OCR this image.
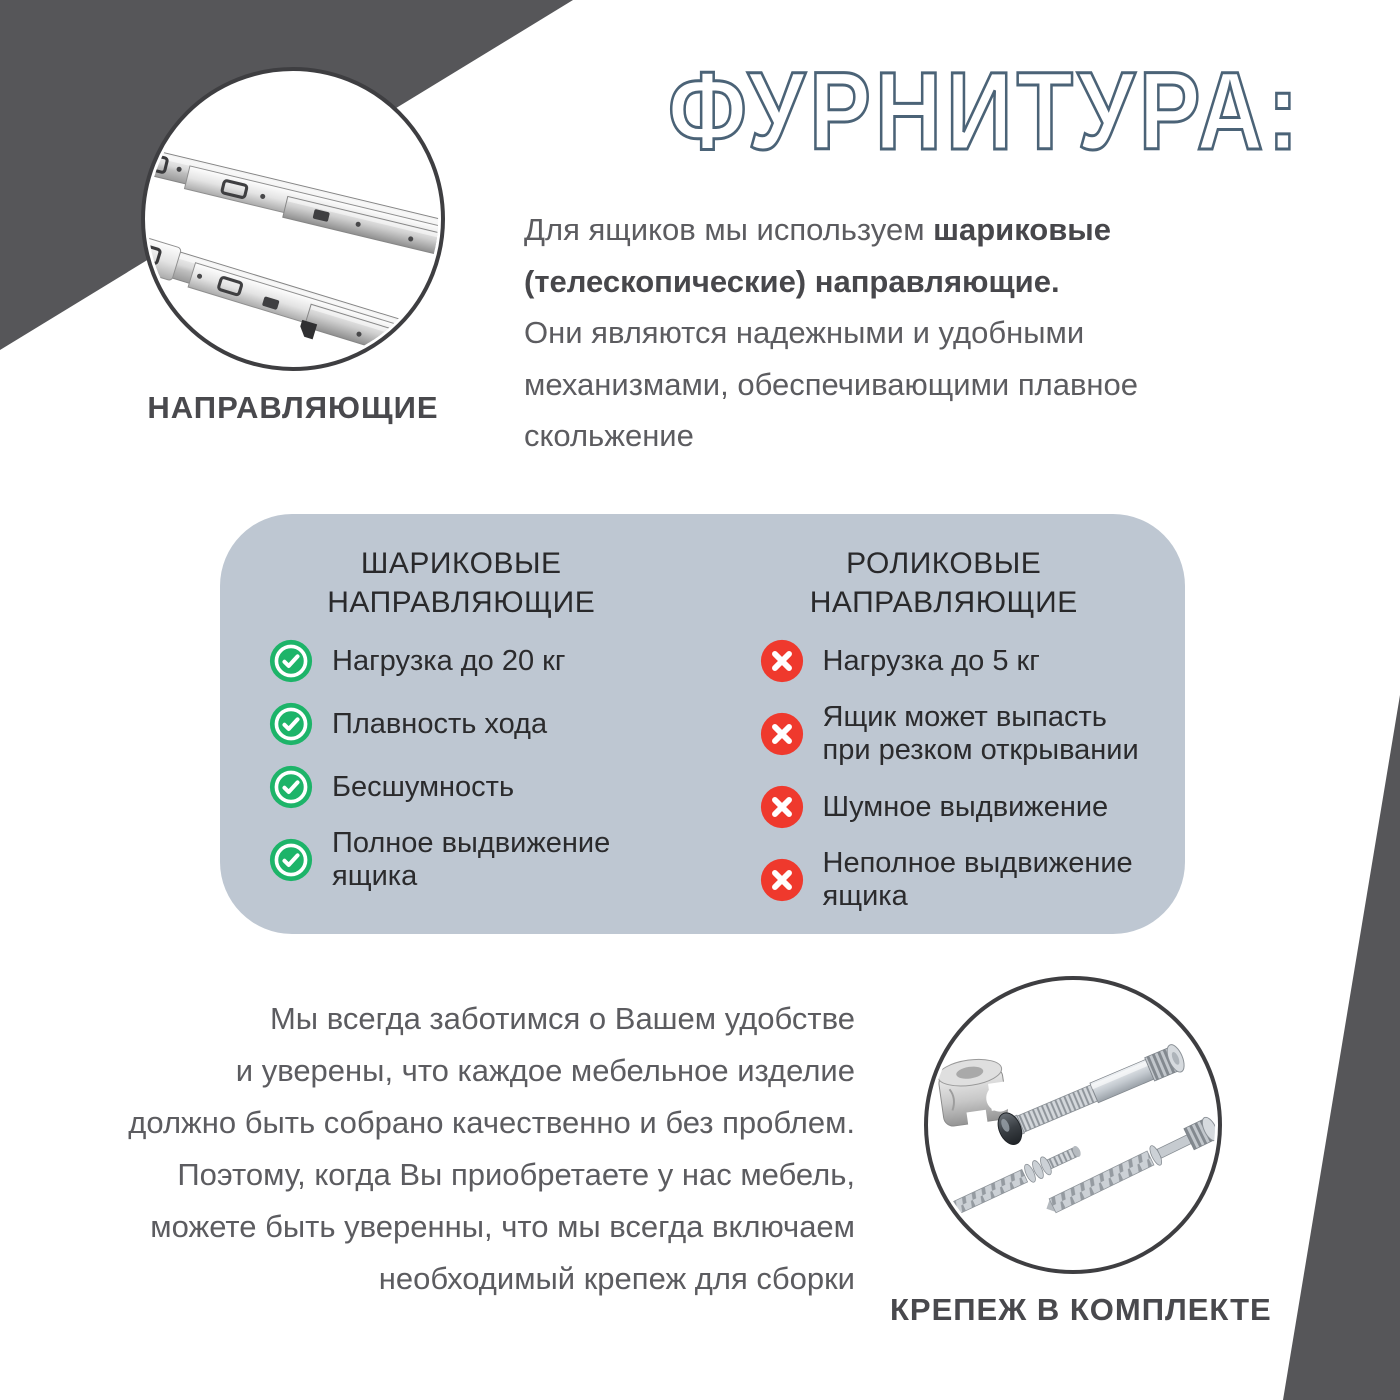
НАПРАВЛЯЮЩИЕ
ФУРНИТУРА:

Для ящиков мы используем шариковые
(телескопические) направляющие.
Они являются надежными и удобными
механизмами, обеспечивающими плавное
скольжение

ШАРИКОВЫЕ
НАПРАВЛЯЮЩИЕ
Нагрузка до 20 кг
Плавность хода
Бесшумность
Полное выдвижение
ящика
РОЛИКОВЫЕ
НАПРАВЛЯЮЩИЕ
Нагрузка до 5 кг
Ящик может выпасть
при резком открывании
Шумное выдвижение
Неполное выдвижение
ящика

Мы всегда заботимся о Вашем удобстве
и уверены, что каждое мебельное изделие
должно быть собрано качественно и без проблем.
Поэтому, когда Вы приобретаете у нас мебель,
можете быть уверенны, что мы всегда включаем
необходимый крепеж для сборки

КРЕПЕЖ В КОМПЛЕКТЕ
